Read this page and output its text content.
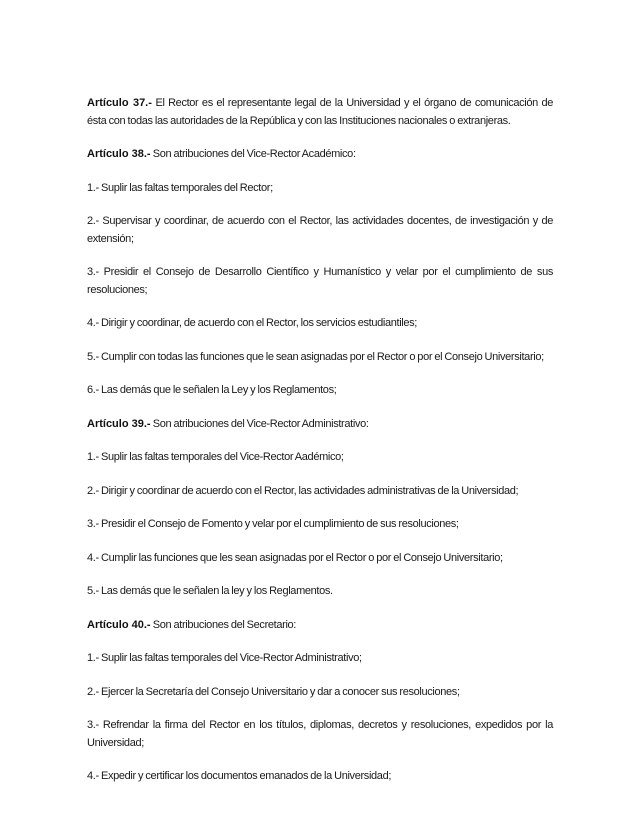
Artículo 37.- El Rector es el representante legal de la Universidad y el órgano de comunicación de ésta con todas las autoridades de la República y con las Instituciones nacionales o extranjeras.

Artículo 38.- Son atribuciones del Vice-Rector Académico:

1.- Suplir las faltas temporales del Rector;

2.- Supervisar y coordinar, de acuerdo con el Rector, las actividades docentes, de investigación y de extensión;

3.- Presidir el Consejo de Desarrollo Científico y Humanístico y velar por el cumplimiento de sus resoluciones;

4.- Dirigir y coordinar, de acuerdo con el Rector, los servicios estudiantiles;

5.- Cumplir con todas las funciones que le sean asignadas por el Rector o por el Consejo Universitario;

6.- Las demás que le señalen la Ley y los Reglamentos;

Artículo 39.- Son atribuciones del Vice-Rector Administrativo:

1.- Suplir las faltas temporales del Vice-Rector Aadémico;

2.- Dirigir y coordinar de acuerdo con el Rector, las actividades administrativas de la Universidad;

3.- Presidir el Consejo de Fomento y velar por el cumplimiento de sus resoluciones;

4.- Cumplir las funciones que les sean asignadas por el Rector o por el Consejo Universitario;

5.- Las demás que le señalen la ley y los Reglamentos.

Artículo 40.- Son atribuciones del Secretario:

1.- Suplir las faltas temporales del Vice-Rector Administrativo;

2.- Ejercer la Secretaría del Consejo Universitario y dar a conocer sus resoluciones;

3.- Refrendar la firma del Rector en los títulos, diplomas, decretos y resoluciones, expedidos por la Universidad;

4.- Expedir y certificar los documentos emanados de la Universidad;
